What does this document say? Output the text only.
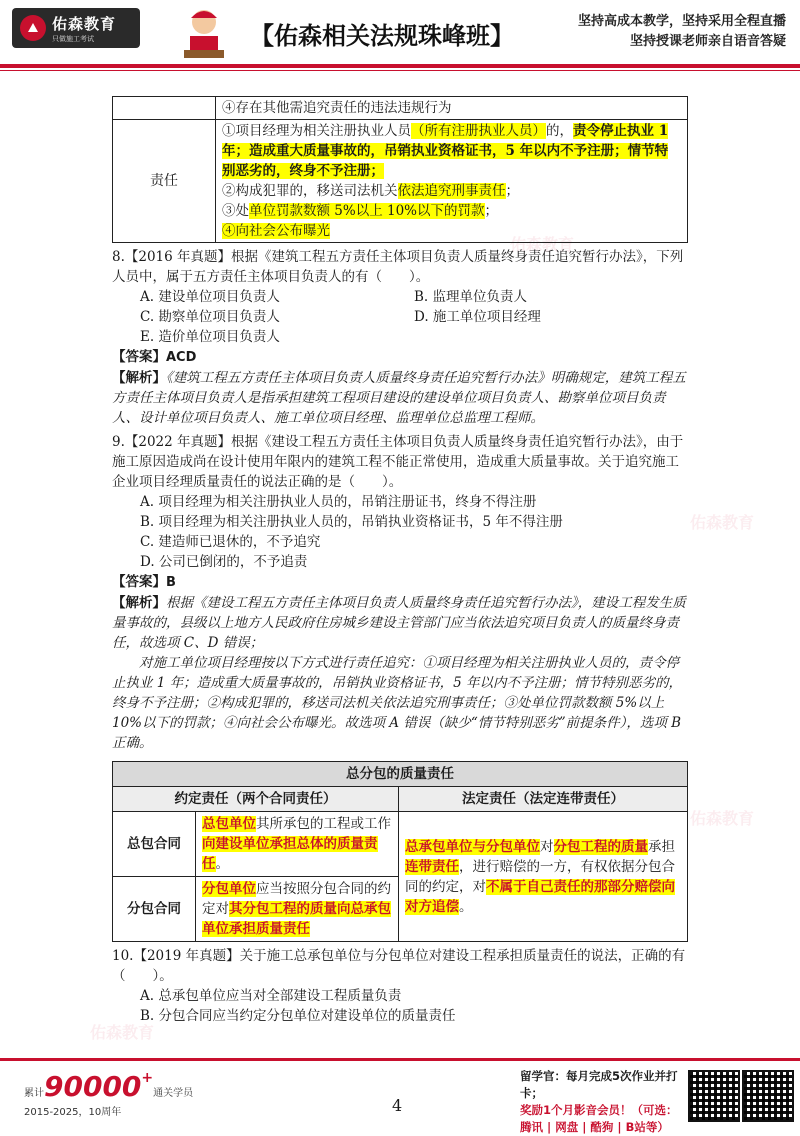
佑森教育
只做施工考试	【佑森相关法规珠峰班】
坚持高成本教学，坚持采用全程直播
坚持授课老师亲自语音答疑
佑森教育
佑森教育
佑森教育
佑森教育
	④存在其他需追究责任的违法违规行为
责任	①项目经理为相关注册执业人员（所有注册执业人员）的，责令停止执业 1 年；造成重大质量事故的，吊销执业资格证书，5 年以内不予注册；情节特别恶劣的，终身不予注册；
②构成犯罪的，移送司法机关依法追究刑事责任；
③处单位罚款数额 5%以上 10%以下的罚款；
④向社会公布曝光
8.【2016 年真题】根据《建筑工程五方责任主体项目负责人质量终身责任追究暂行办法》，下列人员中，属于五方责任主体项目负责人的有（　　）。
A. 建设单位项目负责人	B. 监理单位负责人
C. 勘察单位项目负责人	D. 施工单位项目经理
E. 造价单位项目负责人
【答案】ACD
【解析】《建筑工程五方责任主体项目负责人质量终身责任追究暂行办法》明确规定，建筑工程五方责任主体项目负责人是指承担建筑工程项目建设的建设单位项目负责人、勘察单位项目负责人、设计单位项目负责人、施工单位项目经理、监理单位总监理工程师。
9.【2022 年真题】根据《建设工程五方责任主体项目负责人质量终身责任追究暂行办法》，由于施工原因造成尚在设计使用年限内的建筑工程不能正常使用，造成重大质量事故。关于追究施工企业项目经理质量责任的说法正确的是（　　）。
A. 项目经理为相关注册执业人员的，吊销注册证书，终身不得注册
B. 项目经理为相关注册执业人员的，吊销执业资格证书，5 年不得注册
C. 建造师已退休的，不予追究
D. 公司已倒闭的，不予追责
【答案】B
【解析】根据《建设工程五方责任主体项目负责人质量终身责任追究暂行办法》，建设工程发生质量事故的，县级以上地方人民政府住房城乡建设主管部门应当依法追究项目负责人的质量终身责任，故选项 C、D 错误；
对施工单位项目经理按以下方式进行责任追究：①项目经理为相关注册执业人员的，责令停止执业 1 年；造成重大质量事故的，吊销执业资格证书，5 年以内不予注册；情节特别恶劣的，终身不予注册；②构成犯罪的，移送司法机关依法追究刑事责任；③处单位罚款数额 5%以上 10%以下的罚款；④向社会公布曝光。故选项 A 错误（缺少“情节特别恶劣”前提条件），选项 B 正确。
总分包的质量责任		
约定责任（两个合同责任）		法定责任（法定连带责任）
总包合同	总包单位其所承包的工程或工作向建设单位承担总体的质量责任。	总承包单位与分包单位对分包工程的质量承担连带责任，进行赔偿的一方，有权依据分包合同的约定，对不属于自己责任的那部分赔偿向对方追偿。
分包合同	分包单位应当按照分包合同的约定对其分包工程的质量向总承包单位承担质量责任	
10.【2019 年真题】关于施工总承包单位与分包单位对建设工程承担质量责任的说法，正确的有（　　）。
A. 总承包单位应当对全部建设工程质量负责
B. 分包合同应当约定分包单位对建设单位的质量责任
累计90000+通关学员
2015-2025，10周年	4
留学官：每月完成5次作业并打卡；
奖励1个月影音会员！（可选：腾讯 | 网盘 | 酷狗 | B站等）
